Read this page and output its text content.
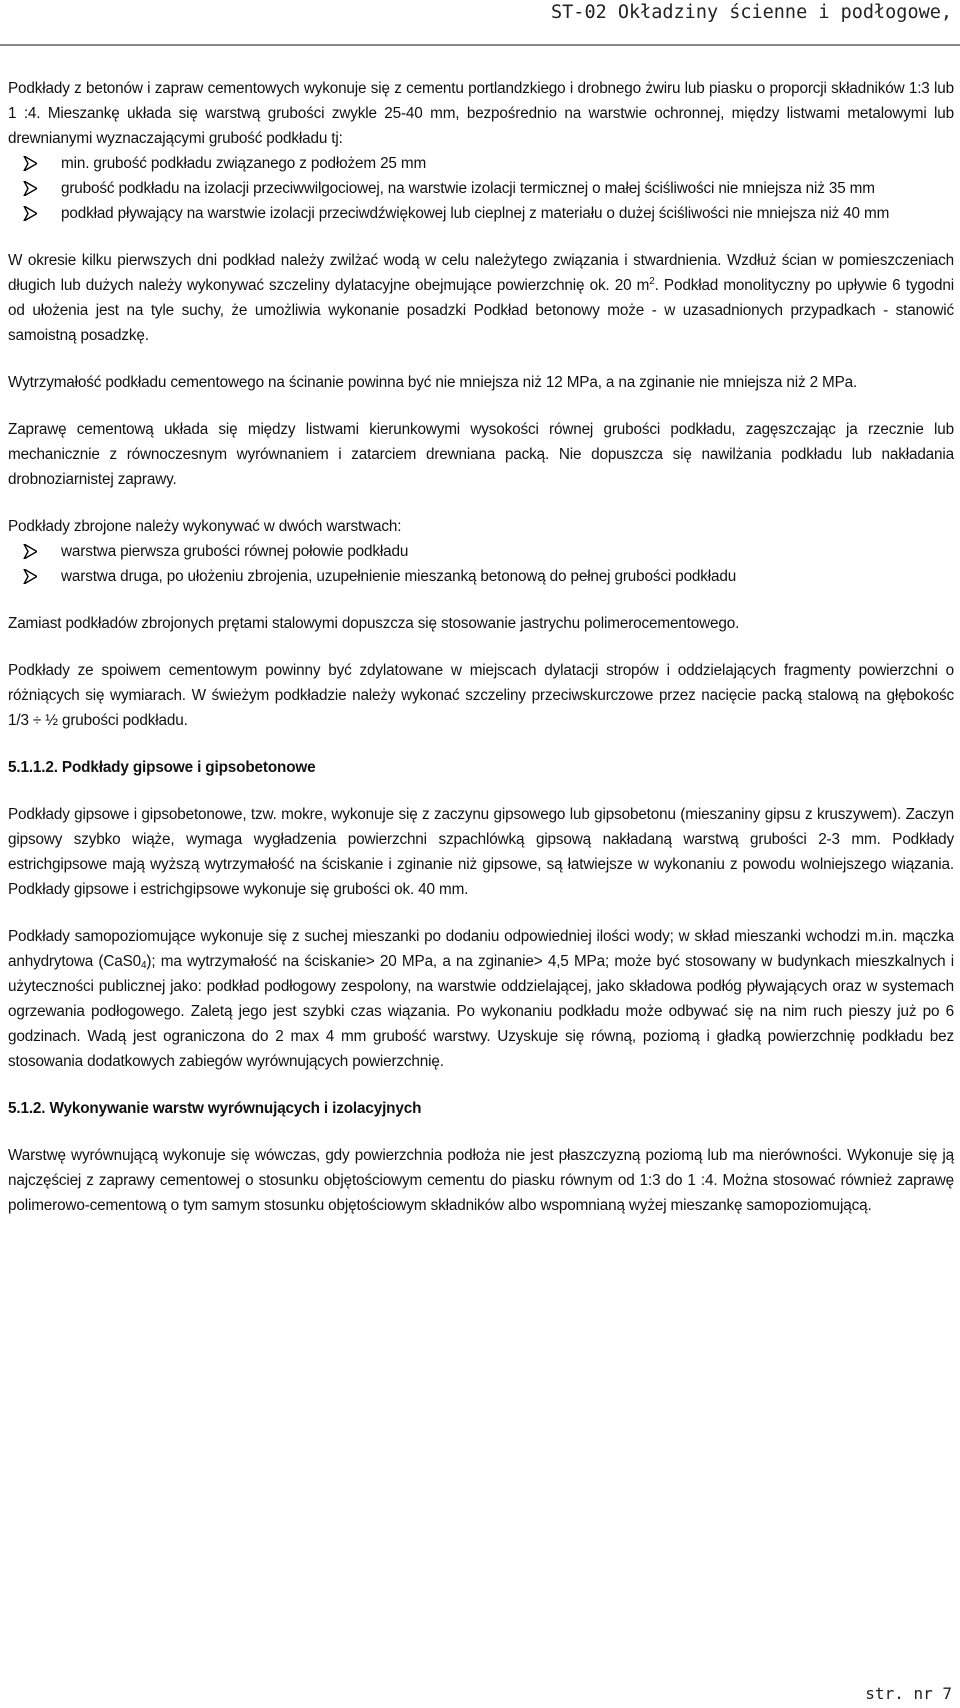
ST-02 Okładziny ścienne i podłogowe,

Podkłady z betonów i zapraw cementowych wykonuje się z cementu portlandzkiego i drobnego żwiru lub piasku o proporcji składników 1:3 lub 1 :4. Mieszankę układa się warstwą grubości zwykle 25-40 mm, bezpośrednio na warstwie ochronnej, między listwami metalowymi lub drewnianymi wyznaczającymi grubość podkładu tj:

min. grubość podkładu związanego z podłożem 25 mm
grubość podkładu na izolacji przeciwwilgociowej, na warstwie izolacji termicznej o małej ściśliwości nie mniejsza niż 35 mm
podkład pływający na warstwie izolacji przeciwdźwiękowej lub cieplnej z materiału o dużej ściśliwości nie mniejsza niż 40 mm

W okresie kilku pierwszych dni podkład należy zwilżać wodą w celu należytego związania i stwardnienia. Wzdłuż ścian w pomieszczeniach długich lub dużych należy wykonywać szczeliny dylatacyjne obejmujące powierzchnię ok. 20 $m^2$. Podkład monolityczny po upływie 6 tygodni od ułożenia jest na tyle suchy, że umożliwia wykonanie posadzki Podkład betonowy może - w uzasadnionych przypadkach - stanowić samoistną posadzkę.

Wytrzymałość podkładu cementowego na ścinanie powinna być nie mniejsza niż 12 MPa, a na zginanie nie mniejsza niż 2 MPa.

Zaprawę cementową układa się między listwami kierunkowymi wysokości równej grubości podkładu, zagęszczając ja rzecznie lub mechanicznie z równoczesnym wyrównaniem i zatarciem drewniana packą. Nie dopuszcza się nawilżania podkładu lub nakładania drobnoziarnistej zaprawy.

Podkłady zbrojone należy wykonywać w dwóch warstwach:

warstwa pierwsza grubości równej połowie podkładu
warstwa druga, po ułożeniu zbrojenia, uzupełnienie mieszanką betonową do pełnej grubości podkładu

Zamiast podkładów zbrojonych prętami stalowymi dopuszcza się stosowanie jastrychu polimerocementowego.

Podkłady ze spoiwem cementowym powinny być zdylatowane w miejscach dylatacji stropów i oddzielających fragmenty powierzchni o różniących się wymiarach. W świeżym podkładzie należy wykonać szczeliny przeciwskurczowe przez nacięcie packą stalową na głębokośc 1/3 ÷ ½ grubości podkładu.

5.1.1.2. Podkłady gipsowe i gipsobetonowe

Podkłady gipsowe i gipsobetonowe, tzw. mokre, wykonuje się z zaczynu gipsowego lub gipsobetonu (mieszaniny gipsu z kruszywem). Zaczyn gipsowy szybko wiąże, wymaga wygładzenia powierzchni szpachlówką gipsową nakładaną warstwą grubości 2-3 mm. Podkłady estrichgipsowe mają wyższą wytrzymałość na ściskanie i zginanie niż gipsowe, są łatwiejsze w wykonaniu z powodu wolniejszego wiązania. Podkłady gipsowe i estrichgipsowe wykonuje się grubości ok. 40 mm.

Podkłady samopoziomujące wykonuje się z suchej mieszanki po dodaniu odpowiedniej ilości wody; w skład mieszanki wchodzi m.in. mączka anhydrytowa $(CaS0_4)$; ma wytrzymałość na ściskanie> 20 MPa, a na zginanie> 4,5 MPa; może być stosowany w budynkach mieszkalnych i użyteczności publicznej jako: podkład podłogowy zespolony, na warstwie oddzielającej, jako składowa podłóg pływających oraz w systemach ogrzewania podłogowego. Zaletą jego jest szybki czas wiązania. Po wykonaniu podkładu może odbywać się na nim ruch pieszy już po 6 godzinach. Wadą jest ograniczona do 2 max 4 mm grubość warstwy. Uzyskuje się równą, poziomą i gładką powierzchnię podkładu bez stosowania dodatkowych zabiegów wyrównujących powierzchnię.

5.1.2. Wykonywanie warstw wyrównujących i izolacyjnych

Warstwę wyrównującą wykonuje się wówczas, gdy powierzchnia podłoża nie jest płaszczyzną poziomą lub ma nierówności. Wykonuje się ją najczęściej z zaprawy cementowej o stosunku objętościowym cementu do piasku równym od 1:3 do 1 :4. Można stosować również zaprawę polimerowo-cementową o tym samym stosunku objętościowym składników albo wspomnianą wyżej mieszankę samopoziomującą.

str. nr 7
